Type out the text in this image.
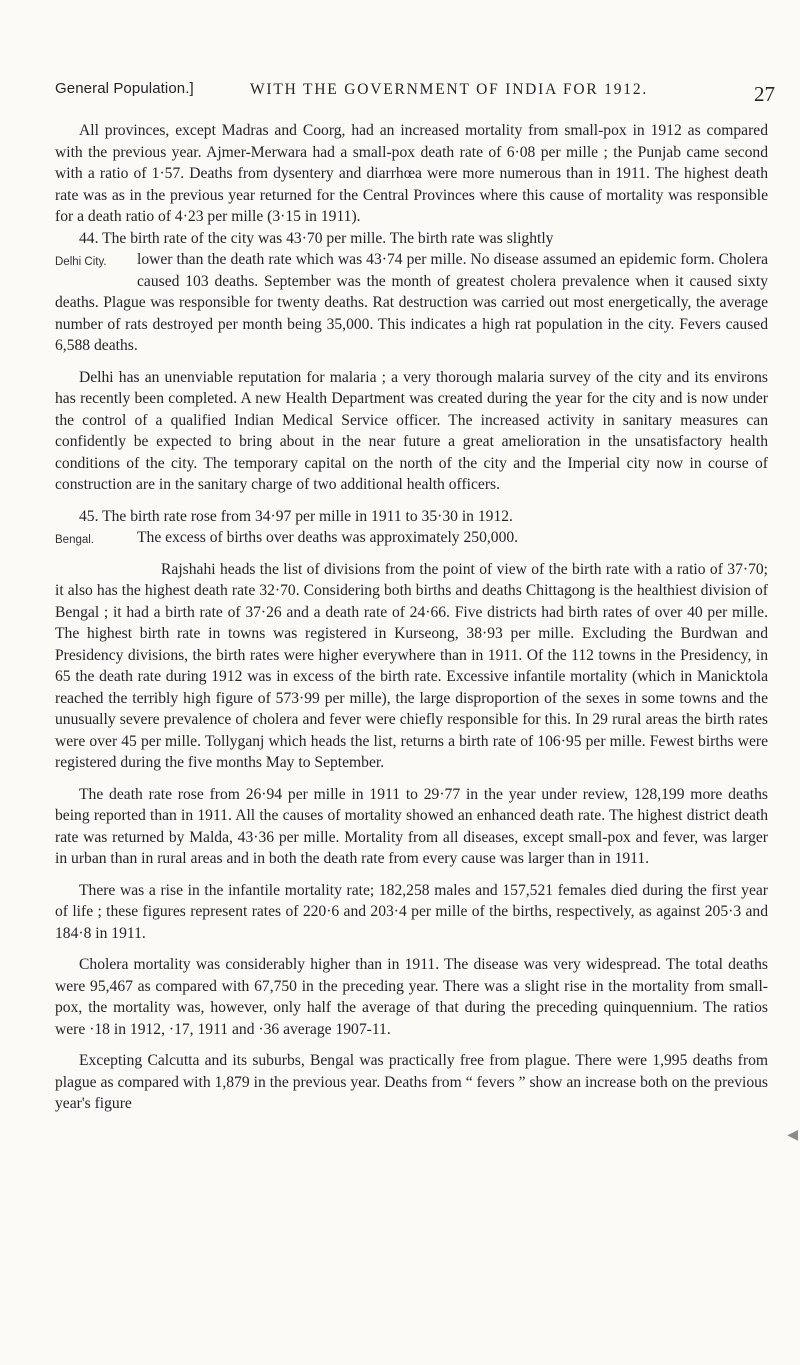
General Population.]	WITH THE GOVERNMENT OF INDIA FOR 1912.	27

All provinces, except Madras and Coorg, had an increased mortality from small-pox in 1912 as compared with the previous year. Ajmer-Merwara had a small-pox death rate of 6·08 per mille ; the Punjab came second with a ratio of 1·57. Deaths from dysentery and diarrhœa were more numerous than in 1911. The highest death rate was as in the previous year returned for the Central Provinces where this cause of mortality was responsible for a death ratio of 4·23 per mille (3·15 in 1911).

44. The birth rate of the city was 43·70 per mille. The birth rate was slightly

Delhi City.	lower than the death rate which was 43·74 per mille. No disease assumed an epidemic form. Cholera caused 103 deaths. September was the month of greatest cholera prevalence when it caused sixty deaths. Plague was responsible for twenty deaths. Rat destruction was carried out most energetically, the average number of rats destroyed per month being 35,000. This indicates a high rat population in the city. Fevers caused 6,588 deaths.

Delhi has an unenviable reputation for malaria ; a very thorough malaria survey of the city and its environs has recently been completed. A new Health Department was created during the year for the city and is now under the control of a qualified Indian Medical Service officer. The increased activity in sanitary measures can confidently be expected to bring about in the near future a great amelioration in the unsatisfactory health conditions of the city. The temporary capital on the north of the city and the Imperial city now in course of construction are in the sanitary charge of two additional health officers.

45. The birth rate rose from 34·97 per mille in 1911 to 35·30 in 1912.

Bengal.	The excess of births over deaths was approximately 250,000.

Rajshahi heads the list of divisions from the point of view of the birth rate with a ratio of 37·70; it also has the highest death rate 32·70. Considering both births and deaths Chittagong is the healthiest division of Bengal ; it had a birth rate of 37·26 and a death rate of 24·66. Five districts had birth rates of over 40 per mille. The highest birth rate in towns was registered in Kurseong, 38·93 per mille. Excluding the Burdwan and Presidency divisions, the birth rates were higher everywhere than in 1911. Of the 112 towns in the Presidency, in 65 the death rate during 1912 was in excess of the birth rate. Excessive infantile mortality (which in Manicktola reached the terribly high figure of 573·99 per mille), the large disproportion of the sexes in some towns and the unusually severe prevalence of cholera and fever were chiefly responsible for this. In 29 rural areas the birth rates were over 45 per mille. Tollyganj which heads the list, returns a birth rate of 106·95 per mille. Fewest births were registered during the five months May to September.

The death rate rose from 26·94 per mille in 1911 to 29·77 in the year under review, 128,199 more deaths being reported than in 1911. All the causes of mortality showed an enhanced death rate. The highest district death rate was returned by Malda, 43·36 per mille. Mortality from all diseases, except small-pox and fever, was larger in urban than in rural areas and in both the death rate from every cause was larger than in 1911.

There was a rise in the infantile mortality rate; 182,258 males and 157,521 females died during the first year of life ; these figures represent rates of 220·6 and 203·4 per mille of the births, respectively, as against 205·3 and 184·8 in 1911.

Cholera mortality was considerably higher than in 1911. The disease was very widespread. The total deaths were 95,467 as compared with 67,750 in the preceding year. There was a slight rise in the mortality from small-pox, the mortality was, however, only half the average of that during the preceding quinquennium. The ratios were ·18 in 1912, ·17, 1911 and ·36 average 1907-11.

Excepting Calcutta and its suburbs, Bengal was practically free from plague. There were 1,995 deaths from plague as compared with 1,879 in the previous year. Deaths from “ fevers ” show an increase both on the previous year's figure

◀
